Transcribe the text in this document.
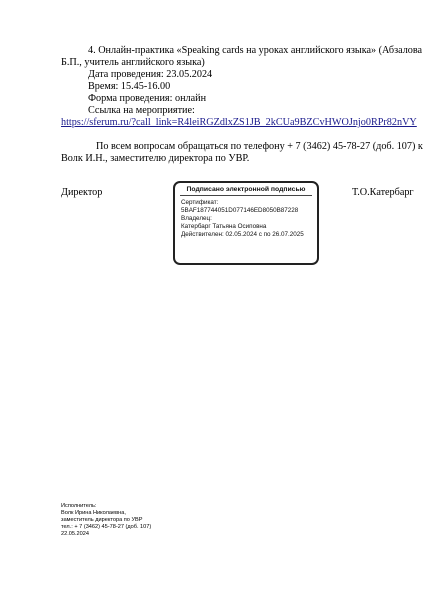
4. Онлайн-практика «Speaking cards на уроках английского языка» (Абзалова
Б.П., учитель английского языка)
Дата проведения: 23.05.2024
Время: 15.45-16.00
Форма проведения: онлайн
Ссылка на мероприятие:
https://sferum.ru/?call_link=R4leiRGZdlxZS1JB_2kCUa9BZCvHWOJnjo0RPr82nVY
По всем вопросам обращаться по телефону + 7 (3462) 45-78-27 (доб. 107) к
Волк И.Н., заместителю директора по УВР.
Директор	Т.О.Катербарг
Подписано электронной подписью
Сертификат:
5BAF187744051D077146ED8050B87228
Владелец:
Катербарг Татьяна Осиповна
Действителен: 02.05.2024 с по 26.07.2025
Исполнитель:
Волк Ирина Николаевна,
заместитель директора по УВР
тел.: + 7 (3462) 45-78-27 (доб. 107)
22.05.2024
